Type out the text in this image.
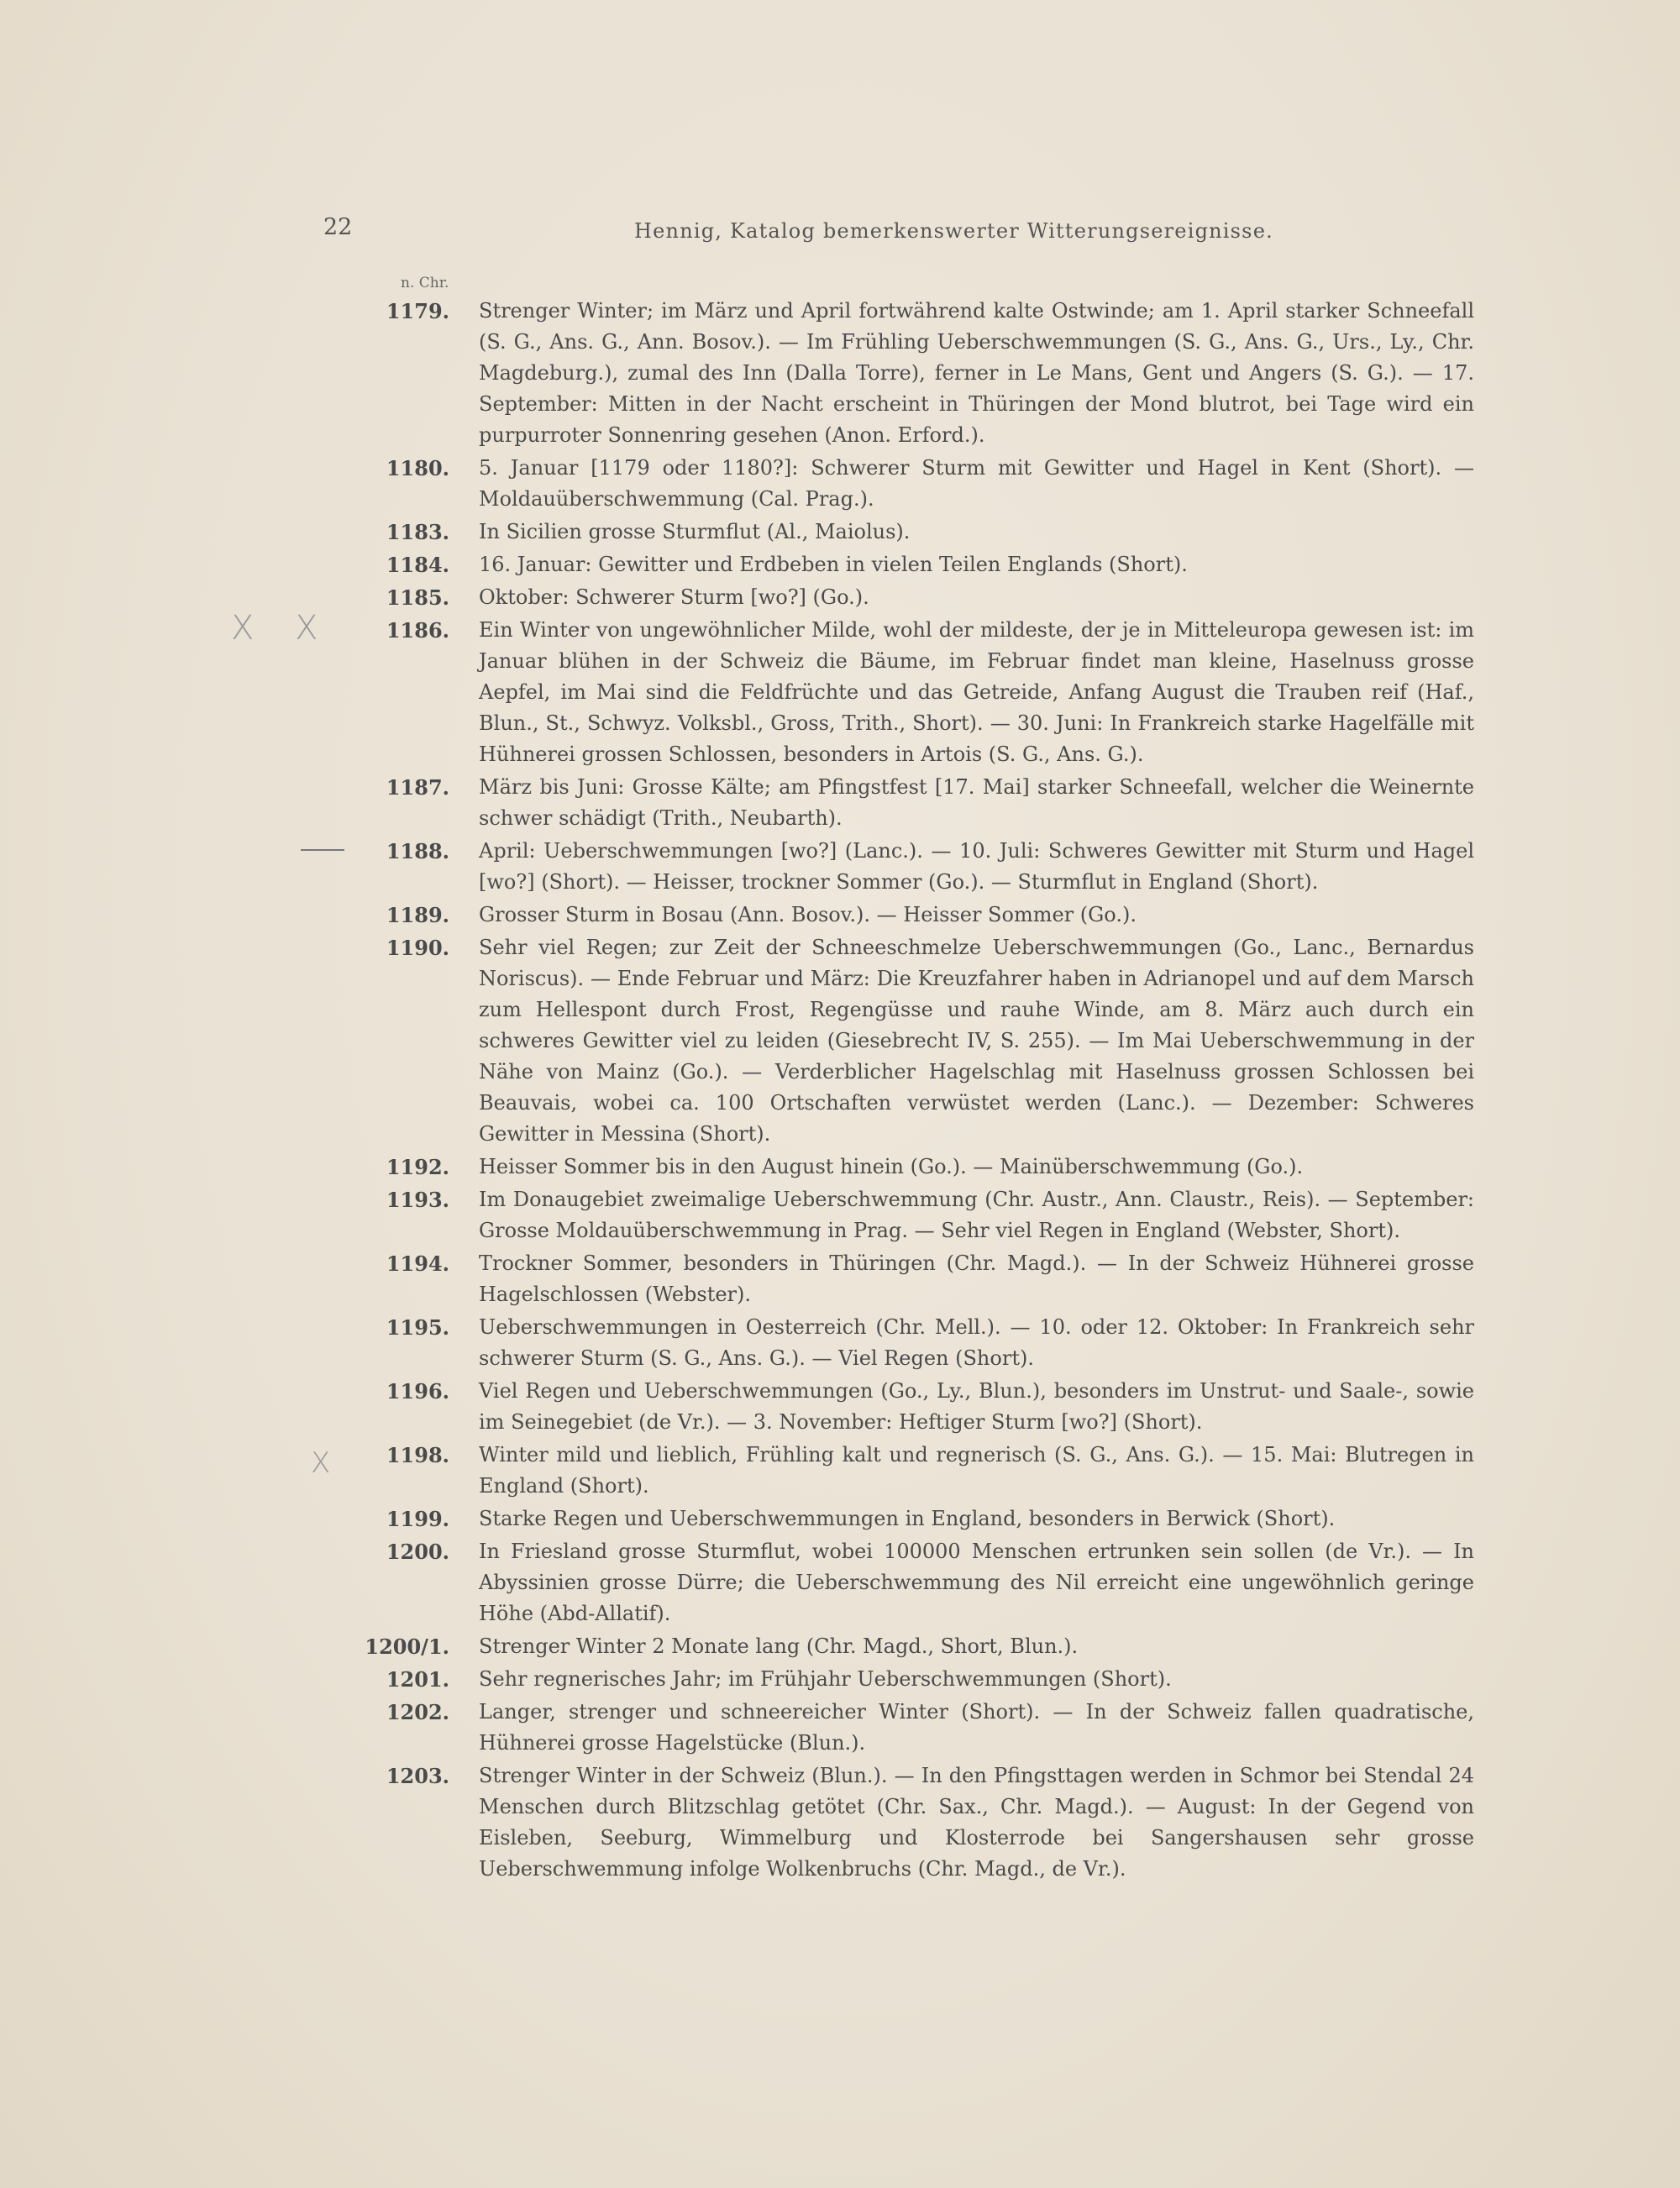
22	Hennig, Katalog bemerkenswerter Witterungsereignisse.
n. Chr.
X X
X
1179. Strenger Winter; im März und April fortwährend kalte Ostwinde; am 1. April starker Schneefall (S. G., Ans. G., Ann. Bosov.). — Im Frühling Ueberschwemmungen (S. G., Ans. G., Urs., Ly., Chr. Magdeburg.), zumal des Inn (Dalla Torre), ferner in Le Mans, Gent und Angers (S. G.). — 17. September: Mitten in der Nacht erscheint in Thüringen der Mond blutrot, bei Tage wird ein purpurroter Sonnenring gesehen (Anon. Erford.).
1180. 5. Januar [1179 oder 1180?]: Schwerer Sturm mit Gewitter und Hagel in Kent (Short). — Moldauüberschwemmung (Cal. Prag.).
1183. In Sicilien grosse Sturmflut (Al., Maiolus).
1184. 16. Januar: Gewitter und Erdbeben in vielen Teilen Englands (Short).
1185. Oktober: Schwerer Sturm [wo?] (Go.).
1186. Ein Winter von ungewöhnlicher Milde, wohl der mildeste, der je in Mitteleuropa gewesen ist: im Januar blühen in der Schweiz die Bäume, im Februar findet man kleine, Haselnuss grosse Aepfel, im Mai sind die Feldfrüchte und das Getreide, Anfang August die Trauben reif (Haf., Blun., St., Schwyz. Volksbl., Gross, Trith., Short). — 30. Juni: In Frankreich starke Hagelfälle mit Hühnerei grossen Schlossen, besonders in Artois (S. G., Ans. G.).
1187. März bis Juni: Grosse Kälte; am Pfingstfest [17. Mai] starker Schneefall, welcher die Weinernte schwer schädigt (Trith., Neubarth).
1188. April: Ueberschwemmungen [wo?] (Lanc.). — 10. Juli: Schweres Gewitter mit Sturm und Hagel [wo?] (Short). — Heisser, trockner Sommer (Go.). — Sturmflut in England (Short).
1189. Grosser Sturm in Bosau (Ann. Bosov.). — Heisser Sommer (Go.).
1190. Sehr viel Regen; zur Zeit der Schneeschmelze Ueberschwemmungen (Go., Lanc., Bernardus Noriscus). — Ende Februar und März: Die Kreuzfahrer haben in Adrianopel und auf dem Marsch zum Hellespont durch Frost, Regengüsse und rauhe Winde, am 8. März auch durch ein schweres Gewitter viel zu leiden (Giesebrecht IV, S. 255). — Im Mai Ueberschwemmung in der Nähe von Mainz (Go.). — Verderblicher Hagelschlag mit Haselnuss grossen Schlossen bei Beauvais, wobei ca. 100 Ortschaften verwüstet werden (Lanc.). — Dezember: Schweres Gewitter in Messina (Short).
1192. Heisser Sommer bis in den August hinein (Go.). — Mainüberschwemmung (Go.).
1193. Im Donaugebiet zweimalige Ueberschwemmung (Chr. Austr., Ann. Claustr., Reis). — September: Grosse Moldauüberschwemmung in Prag. — Sehr viel Regen in England (Webster, Short).
1194. Trockner Sommer, besonders in Thüringen (Chr. Magd.). — In der Schweiz Hühnerei grosse Hagelschlossen (Webster).
1195. Ueberschwemmungen in Oesterreich (Chr. Mell.). — 10. oder 12. Oktober: In Frankreich sehr schwerer Sturm (S. G., Ans. G.). — Viel Regen (Short).
1196. Viel Regen und Ueberschwemmungen (Go., Ly., Blun.), besonders im Unstrut- und Saale-, sowie im Seinegebiet (de Vr.). — 3. November: Heftiger Sturm [wo?] (Short).
1198. Winter mild und lieblich, Frühling kalt und regnerisch (S. G., Ans. G.). — 15. Mai: Blutregen in England (Short).
1199. Starke Regen und Ueberschwemmungen in England, besonders in Berwick (Short).
1200. In Friesland grosse Sturmflut, wobei 100000 Menschen ertrunken sein sollen (de Vr.). — In Abyssinien grosse Dürre; die Ueberschwemmung des Nil erreicht eine ungewöhnlich geringe Höhe (Abd-Allatif).
1200/1. Strenger Winter 2 Monate lang (Chr. Magd., Short, Blun.).
1201. Sehr regnerisches Jahr; im Frühjahr Ueberschwemmungen (Short).
1202. Langer, strenger und schneereicher Winter (Short). — In der Schweiz fallen quadratische, Hühnerei grosse Hagelstücke (Blun.).
1203. Strenger Winter in der Schweiz (Blun.). — In den Pfingsttagen werden in Schmor bei Stendal 24 Menschen durch Blitzschlag getötet (Chr. Sax., Chr. Magd.). — August: In der Gegend von Eisleben, Seeburg, Wimmelburg und Klosterrode bei Sangershausen sehr grosse Ueberschwemmung infolge Wolkenbruchs (Chr. Magd., de Vr.).
